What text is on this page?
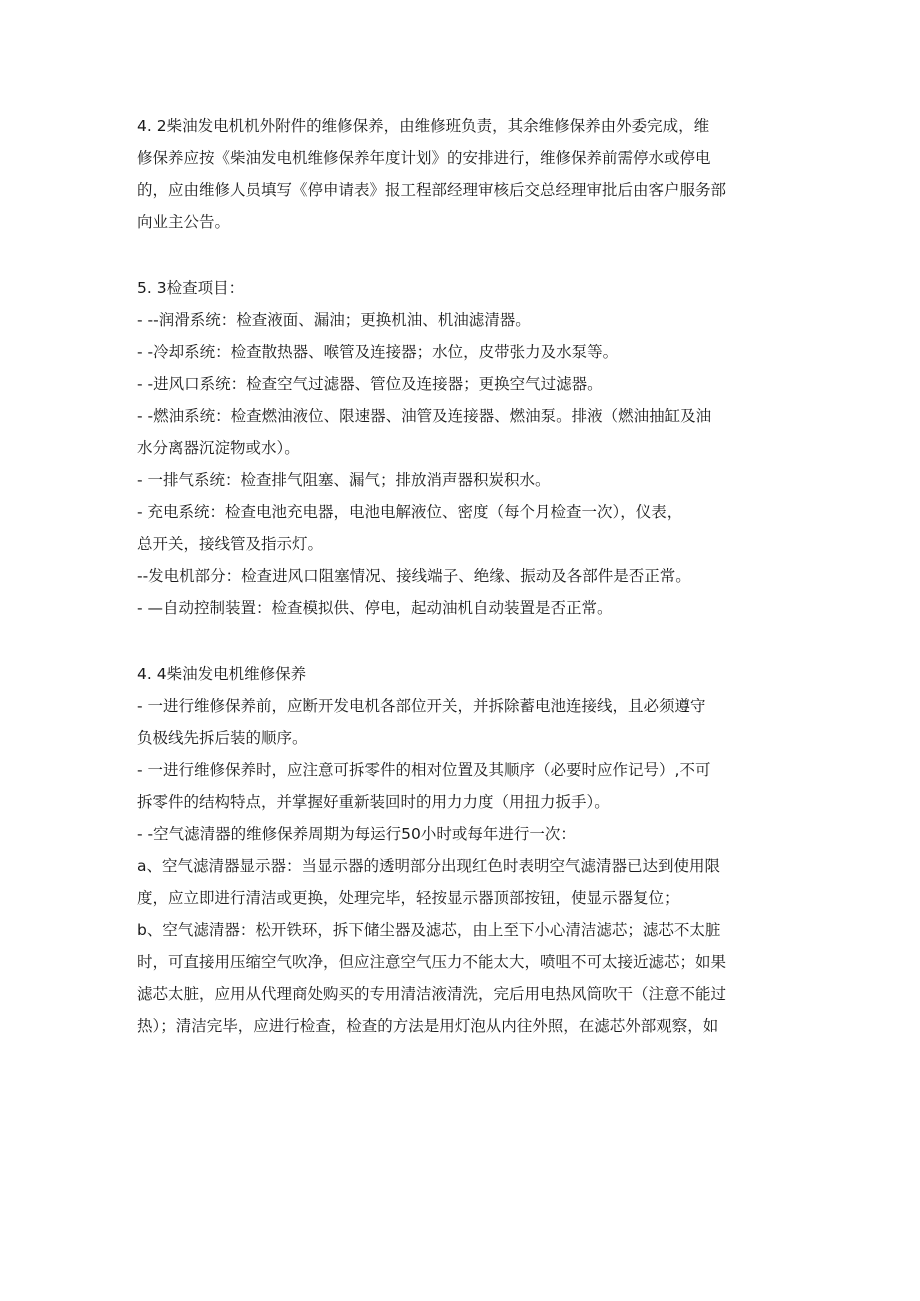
4. 2柴油发电机机外附件的维修保养，由维修班负责，其余维修保养由外委完成，维
修保养应按《柴油发电机维修保养年度计划》的安排进行，维修保养前需停水或停电
的，应由维修人员填写《停申请表》报工程部经理审核后交总经理审批后由客户服务部
向业主公告。
5. 3检查项目：
- --润滑系统：检查液面、漏油；更换机油、机油滤清器。
- -冷却系统：检查散热器、喉管及连接器；水位，皮带张力及水泵等。
- -进风口系统：检查空气过滤器、管位及连接器；更换空气过滤器。
- -燃油系统：检查燃油液位、限速器、油管及连接器、燃油泵。排液（燃油抽缸及油
水分离器沉淀物或水）。
- 一排气系统：检查排气阻塞、漏气；排放消声器积炭积水。
- 充电系统：检查电池充电器，电池电解液位、密度（每个月检查一次），仪表，
总开关，接线管及指示灯。
--发电机部分：检查进风口阻塞情况、接线端子、绝缘、振动及各部件是否正常。
- —自动控制装置：检查模拟供、停电，起动油机自动装置是否正常。
4. 4柴油发电机维修保养
- 一进行维修保养前，应断开发电机各部位开关，并拆除蓄电池连接线，且必须遵守
负极线先拆后装的顺序。
- 一进行维修保养时，应注意可拆零件的相对位置及其顺序（必要时应作记号）,不可
拆零件的结构特点，并掌握好重新装回时的用力力度（用扭力扳手）。
- -空气滤清器的维修保养周期为每运行50小时或每年进行一次：
a、空气滤清器显示器：当显示器的透明部分出现红色时表明空气滤清器已达到使用限
度，应立即进行清洁或更换，处理完毕，轻按显示器顶部按钮，使显示器复位；
b、空气滤清器：松开铁环，拆下储尘器及滤芯，由上至下小心清洁滤芯；滤芯不太脏
时，可直接用压缩空气吹净，但应注意空气压力不能太大，喷咀不可太接近滤芯；如果
滤芯太脏，应用从代理商处购买的专用清洁液清洗，完后用电热风筒吹干（注意不能过
热）；清洁完毕，应进行检查，检查的方法是用灯泡从内往外照，在滤芯外部观察，如
